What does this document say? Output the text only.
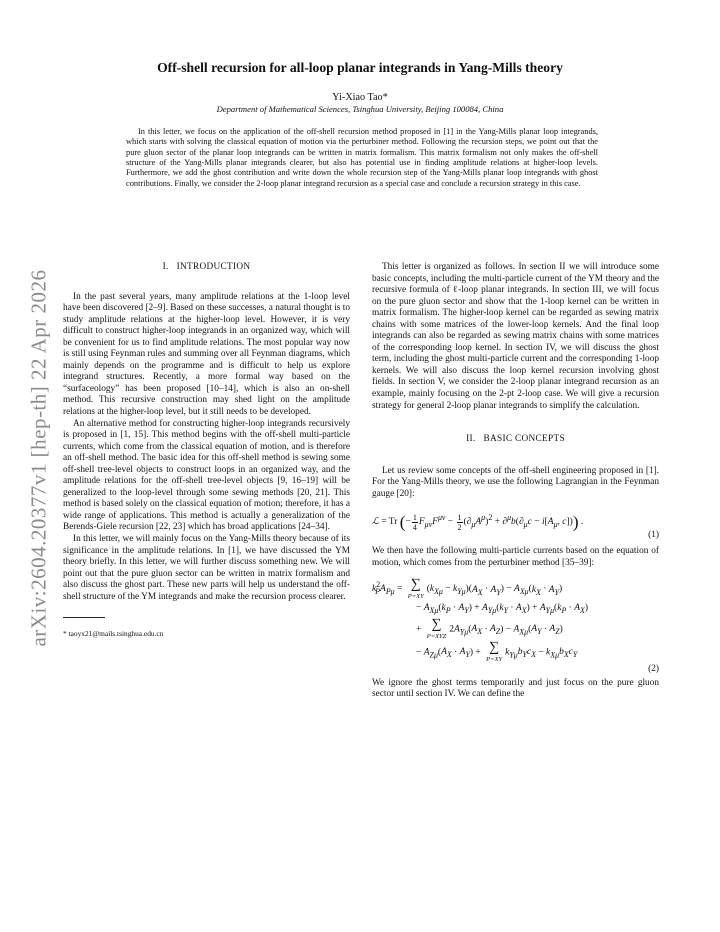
arXiv:2604.20377v1 [hep-th] 22 Apr 2026
Off-shell recursion for all-loop planar integrands in Yang-Mills theory
Yi-Xiao Tao*
Department of Mathematical Sciences, Tsinghua University, Beijing 100084, China
In this letter, we focus on the application of the off-shell recursion method proposed in [1] in the Yang-Mills planar loop integrands, which starts with solving the classical equation of motion via the perturbiner method. Following the recursion steps, we point out that the pure gluon sector of the planar loop integrands can be written in matrix formalism. This matrix formalism not only makes the off-shell structure of the Yang-Mills planar integrands clearer, but also has potential use in finding amplitude relations at higher-loop levels. Furthermore, we add the ghost contribution and write down the whole recursion step of the Yang-Mills planar loop integrands with ghost contributions. Finally, we consider the 2-loop planar integrand recursion as a special case and conclude a recursion strategy in this case.
I. INTRODUCTION

In the past several years, many amplitude relations at the 1-loop level have been discovered [2–9]. Based on these successes, a natural thought is to study amplitude relations at the higher-loop level. However, it is very difficult to construct higher-loop integrands in an organized way, which will be convenient for us to find amplitude relations. The most popular way now is still using Feynman rules and summing over all Feynman diagrams, which mainly depends on the programme and is difficult to help us explore integrand structures. Recently, a more formal way based on the “surfaceology” has been proposed [10–14], which is also an on-shell method. This recursive construction may shed light on the amplitude relations at the higher-loop level, but it still needs to be developed.

An alternative method for constructing higher-loop integrands recursively is proposed in [1, 15]. This method begins with the off-shell multi-particle currents, which come from the classical equation of motion, and is therefore an off-shell method. The basic idea for this off-shell method is sewing some off-shell tree-level objects to construct loops in an organized way, and the amplitude relations for the off-shell tree-level objects [9, 16–19] will be generalized to the loop-level through some sewing methods [20, 21]. This method is based solely on the classical equation of motion; therefore, it has a wide range of applications. This method is actually a generalization of the Berends-Giele recursion [22, 23] which has broad applications [24–34].

In this letter, we will mainly focus on the Yang-Mills theory because of its significance in the amplitude relations. In [1], we have discussed the YM theory briefly. In this letter, we will further discuss something new. We will point out that the pure gluon sector can be written in matrix formalism and also discuss the ghost part. These new parts will help us understand the off-shell structure of the YM integrands and make the recursion process clearer.

* taoyx21@mails.tsinghua.edu.cn

This letter is organized as follows. In section II we will introduce some basic concepts, including the multi-particle current of the YM theory and the recursive formula of ℓ-loop planar integrands. In section III, we will focus on the pure gluon sector and show that the 1-loop kernel can be written in matrix formalism. The higher-loop kernel can be regarded as sewing matrix chains with some matrices of the lower-loop kernels. And the final loop integrands can also be regarded as sewing matrix chains with some matrices of the corresponding loop kernel. In section IV, we will discuss the ghost term, including the ghost multi-particle current and the corresponding 1-loop kernels. We will also discuss the loop kernel recursion involving ghost fields. In section V, we consider the 2-loop planar integrand recursion as an example, mainly focusing on the 2-pt 2-loop case. We will give a recursion strategy for general 2-loop planar integrands to simplify the calculation.

II. BASIC CONCEPTS

Let us review some concepts of the off-shell engineering proposed in [1]. For the Yang-Mills theory, we use the following Lagrangian in the Feynman gauge [20]:

ℒ = Tr (− $\frac{1}{4} F_{\mu\nu}F^{\mu\nu} - \frac{1}{2} (\partial_\mu A^\mu)^2 + \partial^\mu b(\partial_\mu c - i[A_\mu$, c])) .
(1)

We then have the following multi-particle currents based on the equation of motion, which comes from the perturbiner method [35–39]:

$k^2_PA_{P\mu}$ = ∑
P=XY
$(k_{X\mu} - k_{Y\mu})(A_X \cdot A_Y) - A_{X\mu}(k_X \cdot A_Y)$
− $A_{X\mu}(k_P \cdot A_Y) + A_{Y\mu}(k_Y \cdot A_X) + A_{Y\mu}(k_P \cdot A_X)$
+ ∑
P=XYZ
$2A_{Y\mu}(A_X \cdot A_Z) - A_{X\mu}(A_Y \cdot A_Z)$
− $A_{Z\mu}(A_X \cdot A_Y)$ + ∑
P=XY
$k_{Y\mu}b_Yc_X - k_{X\mu}b_Xc_Y$
(2)

We ignore the ghost terms temporarily and just focus on the pure gluon sector until section IV. We can define the
